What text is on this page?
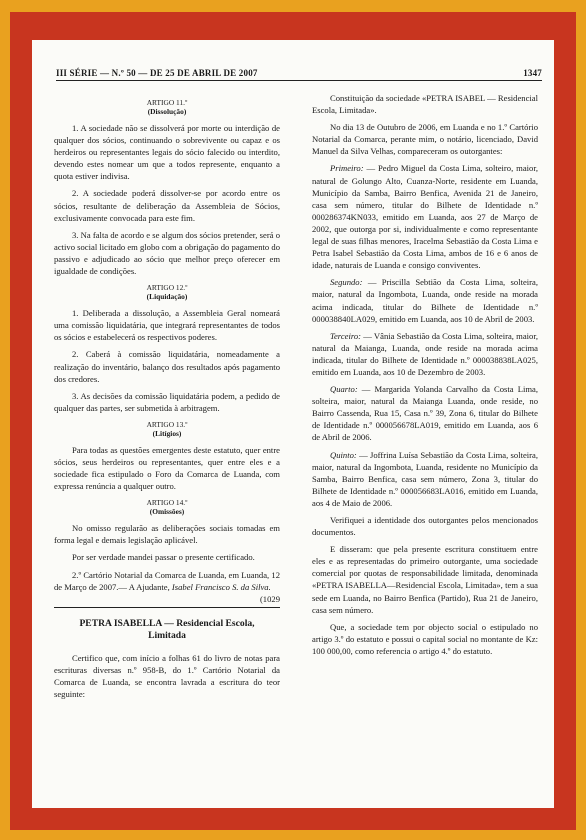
III SÉRIE — N.º 50 — DE 25 DE ABRIL DE 2007	1347
ARTIGO 11.º
(Dissolução)

1. A sociedade não se dissolverá por morte ou interdição de qualquer dos sócios, continuando o sobrevivente ou capaz e os herdeiros ou representantes legais do sócio falecido ou interdito, devendo estes nomear um que a todos represente, enquanto a quota estiver indivisa.

2. A sociedade poderá dissolver-se por acordo entre os sócios, resultante de deliberação da Assembleia de Sócios, exclusivamente convocada para este fim.

3. Na falta de acordo e se algum dos sócios pretender, será o activo social licitado em globo com a obrigação do pagamento do passivo e adjudicado ao sócio que melhor preço oferecer em igualdade de condições.

ARTIGO 12.º
(Liquidação)

1. Deliberada a dissolução, a Assembleia Geral nomeará uma comissão liquidatária, que integrará representantes de todos os sócios e estabelecerá os respectivos poderes.

2. Caberá à comissão liquidatária, nomeadamente a realização do inventário, balanço dos resultados após pagamento dos credores.

3. As decisões da comissão liquidatária podem, a pedido de qualquer das partes, ser submetida à arbitragem.

ARTIGO 13.º
(Litígios)

Para todas as questões emergentes deste estatuto, quer entre sócios, seus herdeiros ou representantes, quer entre eles e a sociedade fica estipulado o Foro da Comarca de Luanda, com expressa renúncia a qualquer outro.

ARTIGO 14.º
(Omissões)

No omisso regularão as deliberações sociais tomadas em forma legal e demais legislação aplicável.

Por ser verdade mandei passar o presente certificado.

2.º Cartório Notarial da Comarca de Luanda, em Luanda, 12 de Março de 2007.— A Ajudante, Isabel Francisco S. da Silva.
(1029

PETRA ISABELLA — Residencial Escola, Limitada

Certifico que, com início a folhas 61 do livro de notas para escrituras diversas n.º 958-B, do 1.º Cartório Notarial da Comarca de Luanda, se encontra lavrada a escritura do teor seguinte:

Constituição da sociedade «PETRA ISABEL — Residencial Escola, Limitada».

No dia 13 de Outubro de 2006, em Luanda e no 1.º Cartório Notarial da Comarca, perante mim, o notário, licenciado, David Manuel da Silva Velhas, compareceram os outorgantes:

Primeiro: — Pedro Miguel da Costa Lima, solteiro, maior, natural de Golungo Alto, Cuanza-Norte, residente em Luanda, Município da Samba, Bairro Benfica, Avenida 21 de Janeiro, casa sem número, titular do Bilhete de Identidade n.º 000286374KN033, emitido em Luanda, aos 27 de Março de 2002, que outorga por si, individualmente e como representante legal de suas filhas menores, Iracelma Sebastião da Costa Lima e Petra Isabel Sebastião da Costa Lima, ambos de 16 e 6 anos de idade, naturais de Luanda e consigo conviventes.

Segundo: — Priscilla Sebtião da Costa Lima, solteira, maior, natural da Ingombota, Luanda, onde reside na morada acima indicada, titular do Bilhete de Identidade n.º 000038840LA029, emitido em Luanda, aos 10 de Abril de 2003.

Terceiro: — Vânia Sebastião da Costa Lima, solteira, maior, natural da Maianga, Luanda, onde reside na morada acima indicada, titular do Bilhete de Identidade n.º 000038838LA025, emitido em Luanda, aos 10 de Dezembro de 2003.

Quarto: — Margarida Yolanda Carvalho da Costa Lima, solteira, maior, natural da Maianga Luanda, onde reside, no Bairro Cassenda, Rua 15, Casa n.º 39, Zona 6, titular do Bilhete de Identidade n.º 000056678LA019, emitido em Luanda, aos 6 de Abril de 2006.

Quinto: — Joffrina Luísa Sebastião da Costa Lima, solteira, maior, natural da Ingombota, Luanda, residente no Município da Samba, Bairro Benfica, casa sem número, Zona 3, titular do Bilhete de Identidade n.º 000056683LA016, emitido em Luanda, aos 4 de Maio de 2006.

Verifiquei a identidade dos outorgantes pelos mencionados documentos.

E disseram: que pela presente escritura constituem entre eles e as representadas do primeiro outorgante, uma sociedade comercial por quotas de responsabilidade limitada, denominada «PETRA ISABELLA—Residencial Escola, Limitada», tem a sua sede em Luanda, no Bairro Benfica (Partido), Rua 21 de Janeiro, casa sem número.

Que, a sociedade tem por objecto social o estipulado no artigo 3.º do estatuto e possui o capital social no montante de Kz: 100 000,00, como referencia o artigo 4.º do estatuto.
